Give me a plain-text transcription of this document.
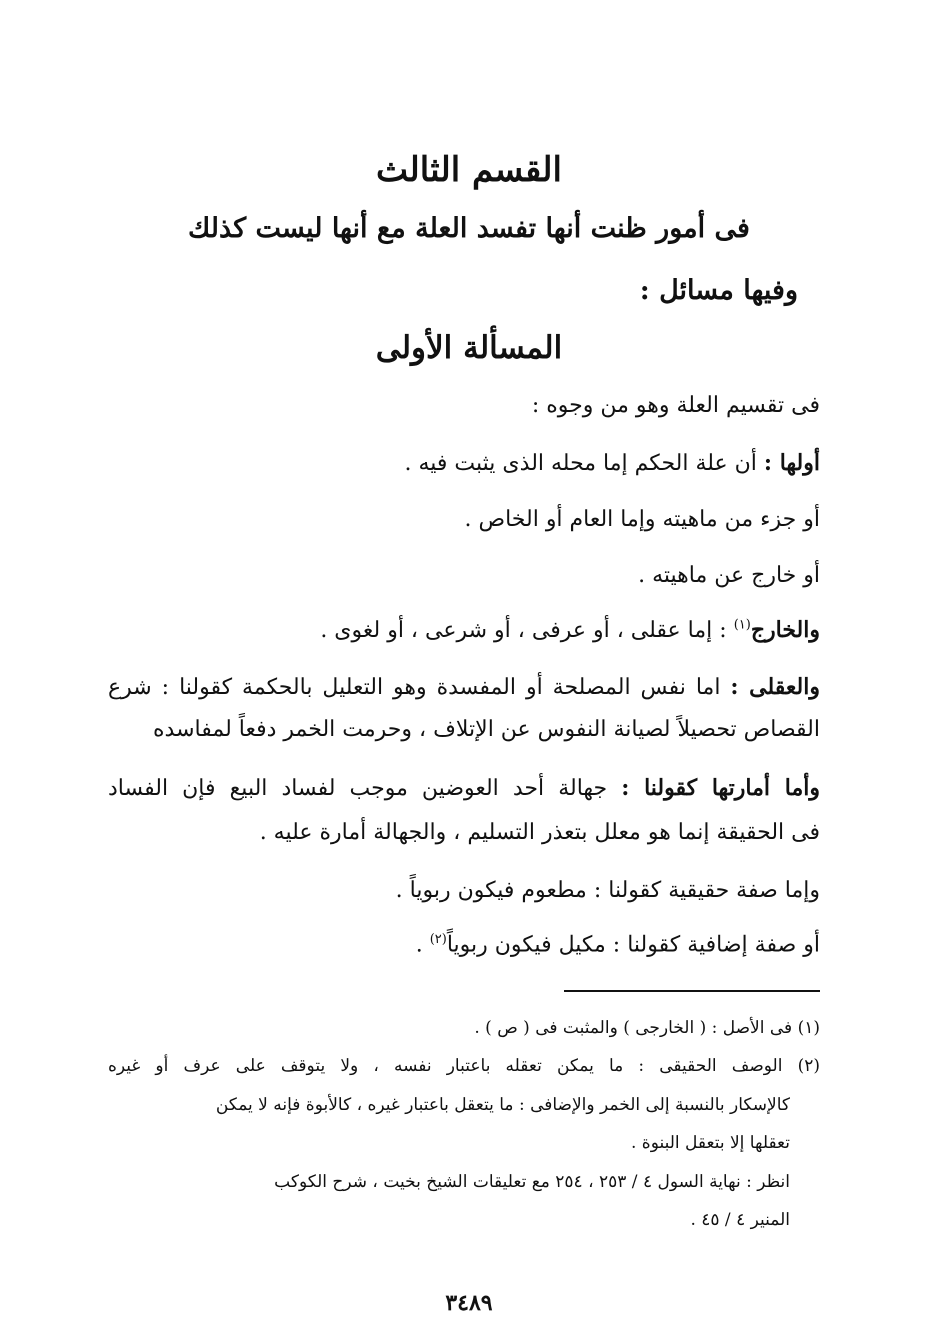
القسم الثالث
فى أمور ظنت أنها تفسد العلة مع أنها ليست كذلك
وفيها مسائل :
المسألة الأولى
فى تقسيم العلة وهو من وجوه :
أولها : أن علة الحكم إما محله الذى يثبت فيه .
أو جزء من ماهيته وإما العام أو الخاص .
أو خارج عن ماهيته .
والخارج$^{(١)}$ : إما عقلى ، أو عرفى ، أو شرعى ، أو لغوى .
والعقلى : اما نفس المصلحة أو المفسدة وهو التعليل بالحكمة كقولنا : شرع
القصاص تحصيلاً لصيانة النفوس عن الإتلاف ، وحرمت الخمر دفعاً لمفاسده
وأما أمارتها كقولنا : جهالة أحد العوضين موجب لفساد البيع فإن الفساد
فى الحقيقة إنما هو معلل بتعذر التسليم ، والجهالة أمارة عليه .
وإما صفة حقيقية كقولنا : مطعوم فيكون ربوياً .
أو صفة إضافية كقولنا : مكيل فيكون ربوياً$^{(٢)}$ .
(١) فى الأصل : ( الخارجى ) والمثبت فى ( ص ) .
(٢) الوصف الحقيقى : ما يمكن تعقله باعتبار نفسه ، ولا يتوقف على عرف أو غيره
كالإسكار بالنسبة إلى الخمر والإضافى : ما يتعقل باعتبار غيره ، كالأبوة فإنه لا يمكن
تعقلها إلا بتعقل البنوة .
انظر : نهاية السول ٤ / ٢٥٣ ، ٢٥٤ مع تعليقات الشيخ بخيت ، شرح الكوكب
المنير ٤ / ٤٥ .
٣٤٨٩
